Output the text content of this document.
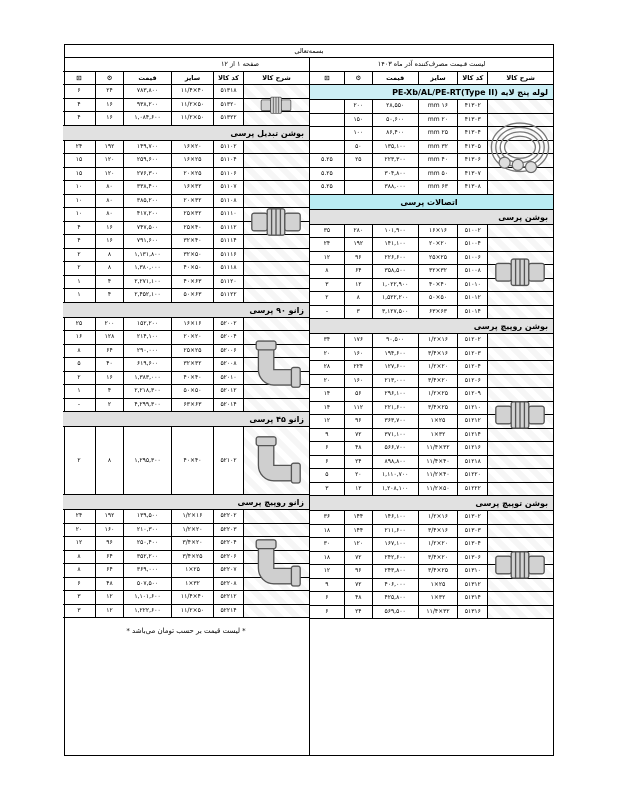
بسمه‌تعالی
لیست قـیمت مصرف‌کننده آذر ماه ۱۴۰۳
شرح کالا
کد کالا
سایز
قیمت
⚙
⊡
لوله پنج لایه PE-Xb/AL/PE-RT(Type II)
۴۱۳۰۲
۱۶ mm
۲۸,۵۵۰
۲۰۰
۴۱۳۰۳
۲۰ mm
۵۰,۶۰۰
۱۵۰
۴۱۳۰۴
۲۵ mm
۸۶,۴۰۰
۱۰۰
۴۱۳۰۵
۳۲ mm
۱۳۵,۱۰۰
۵۰
۴۱۳۰۶
۴۰ mm
۲۲۳,۳۰۰
۲۵
۵.۲۵
۴۱۳۰۷
۵۰ mm
۳۰۴,۸۰۰
۵.۲۵
۴۱۳۰۸
۶۳ mm
۳۸۸,۰۰۰
۵.۲۵
اتصالات پرسی
بوشن پرسی
۵۱۰۰۲
۱۶×۱۶
۱۰۱,۹۰۰
۲۸۰
۳۵
۵۱۰۰۴
۲۰×۲۰
۱۴۱,۱۰۰
۱۹۲
۲۴
۵۱۰۰۶
۲۵×۲۵
۲۲۶,۶۰۰
۹۶
۱۲
۵۱۰۰۸
۳۲×۳۲
۳۵۸,۵۰۰
۶۴
۸
۵۱۰۱۰
۴۰×۴۰
۱,۰۲۲,۹۰۰
۱۲
۳
۵۱۰۱۲
۵۰×۵۰
۱,۵۲۲,۲۰۰
۸
۲
۵۱۰۱۴
۶۳×۶۳
۳,۱۲۷,۵۰۰
۳
-
بوشن روپیچ پرسی
۵۱۲۰۲
۱۶×۱/۲
۹۰,۵۰۰
۱۷۶
۳۴
۵۱۲۰۳
۱۶×۳/۴
۱۹۴,۶۰۰
۱۶۰
۲۰
۵۱۲۰۴
۲۰×۱/۲
۱۲۷,۶۰۰
۲۲۴
۲۸
۵۱۲۰۶
۲۰×۳/۴
۲۱۳,۰۰۰
۱۶۰
۲۰
۵۱۲۰۹
۲۵×۱/۲
۲۹۶,۱۰۰
۵۶
۱۴
۵۱۲۱۰
۲۵×۳/۴
۲۲۱,۶۰۰
۱۱۲
۱۴
۵۱۲۱۲
۲۵×۱
۳۶۳,۷۰۰
۹۶
۱۲
۵۱۲۱۴
۳۲×۱
۳۷۱,۱۰۰
۷۲
۹
۵۱۲۱۶
۳۲×۱۱/۴
۵۶۶,۷۰۰
۴۸
۶
۵۱۲۱۸
۴۰×۱۱/۴
۸۹۸,۸۰۰
۲۴
۶
۵۱۲۲۰
۴۰×۱۱/۲
۱,۱۱۰,۷۰۰
۲۰
۵
۵۱۲۲۲
۵۰×۱۱/۲
۱,۲۰۸,۱۰۰
۱۲
۳
بوشن توپیچ پرسی
۵۱۳۰۲
۱۶×۱/۲
۱۴۶,۱۰۰
۱۴۴
۳۶
۵۱۳۰۳
۱۶×۳/۴
۲۱۱,۶۰۰
۱۴۴
۱۸
۵۱۳۰۴
۲۰×۱/۲
۱۶۷,۱۰۰
۱۲۰
۳۰
۵۱۳۰۶
۲۰×۳/۴
۲۴۲,۶۰۰
۷۲
۱۸
۵۱۳۱۰
۲۵×۳/۴
۲۴۳,۸۰۰
۹۶
۱۲
۵۱۳۱۲
۲۵×۱
۴۰۶,۰۰۰
۷۲
۹
۵۱۳۱۴
۳۲×۱
۴۲۵,۸۰۰
۴۸
۶
۵۱۳۱۶
۳۲×۱۱/۴
۵۶۹,۵۰۰
۲۴
۶
صفحه ۱ از ۱۲
شرح کالا
کد کالا
سایز
قیمت
⚙
⊡
۵۱۳۱۸
۴۰×۱۱/۴
۷۸۳,۸۰۰
۲۴
۶
۵۱۳۲۰
۵۰×۱۱/۲
۹۳۸,۲۰۰
۱۶
۴
۵۱۳۲۲
۵۰×۱۱/۲
۱,۰۸۴,۶۰۰
۱۶
۴
بوشن تبدیل پرسی
۵۱۱۰۲
۲۰×۱۶
۱۴۹,۷۰۰
۱۹۲
۲۴
۵۱۱۰۴
۲۵×۱۶
۲۵۹,۶۰۰
۱۲۰
۱۵
۵۱۱۰۶
۲۵×۲۰
۲۷۶,۳۰۰
۱۲۰
۱۵
۵۱۱۰۷
۳۲×۱۶
۳۳۸,۴۰۰
۸۰
۱۰
۵۱۱۰۸
۳۲×۲۰
۳۸۵,۲۰۰
۸۰
۱۰
۵۱۱۱۰
۳۲×۲۵
۴۱۷,۲۰۰
۸۰
۱۰
۵۱۱۱۲
۴۰×۲۵
۷۴۷,۵۰۰
۱۶
۴
۵۱۱۱۴
۴۰×۳۲
۷۹۱,۶۰۰
۱۶
۴
۵۱۱۱۶
۵۰×۳۲
۱,۱۳۱,۸۰۰
۸
۲
۵۱۱۱۸
۵۰×۴۰
۱,۳۸۰,۰۰۰
۸
۲
۵۱۱۲۰
۶۳×۴۰
۲,۲۷۱,۱۰۰
۴
۱
۵۱۱۲۲
۶۳×۵۰
۲,۴۵۲,۱۰۰
۴
۱
زانو ۹۰ پرسی
۵۲۰۰۲
۱۶×۱۶
۱۵۲,۲۰۰
۲۰۰
۲۵
۵۲۰۰۴
۲۰×۲۰
۲۱۴,۱۰۰
۱۲۸
۱۶
۵۲۰۰۶
۲۵×۲۵
۲۹۰,۰۰۰
۶۴
۸
۵۲۰۰۸
۳۲×۳۲
۶۱۹,۶۰۰
۴۰
۵
۵۲۰۱۰
۴۰×۴۰
۱,۳۸۳,۰۰۰
۱۶
۲
۵۲۰۱۲
۵۰×۵۰
۲,۲۱۸,۳۰۰
۴
۱
۵۲۰۱۴
۶۳×۶۳
۴,۲۹۹,۳۰۰
۲
-
زانو ۴۵ پرسی
۵۲۱۰۲
۴۰×۴۰
۱,۲۹۵,۳۰۰
۸
۲
زانو روپیچ پرسی
۵۲۲۰۲
۱۶×۱/۲
۱۳۹,۵۰۰
۱۹۲
۲۴
۵۲۲۰۳
۲۰×۱/۲
۲۱۰,۳۰۰
۱۶۰
۲۰
۵۲۲۰۴
۲۰×۳/۴
۲۵۰,۴۰۰
۹۶
۱۲
۵۲۲۰۶
۲۵×۳/۴
۳۵۲,۲۰۰
۶۴
۸
۵۲۲۰۷
۲۵×۱
۳۶۹,۰۰۰
۶۴
۸
۵۲۲۰۸
۳۲×۱
۵۰۷,۵۰۰
۴۸
۶
۵۲۲۱۲
۴۰×۱۱/۴
۱,۱۰۱,۶۰۰
۱۲
۳
۵۲۲۱۴
۵۰×۱۱/۲
۱,۲۲۲,۶۰۰
۱۲
۳
* لیست قیمت بر حسب تومان می‌باشد *
